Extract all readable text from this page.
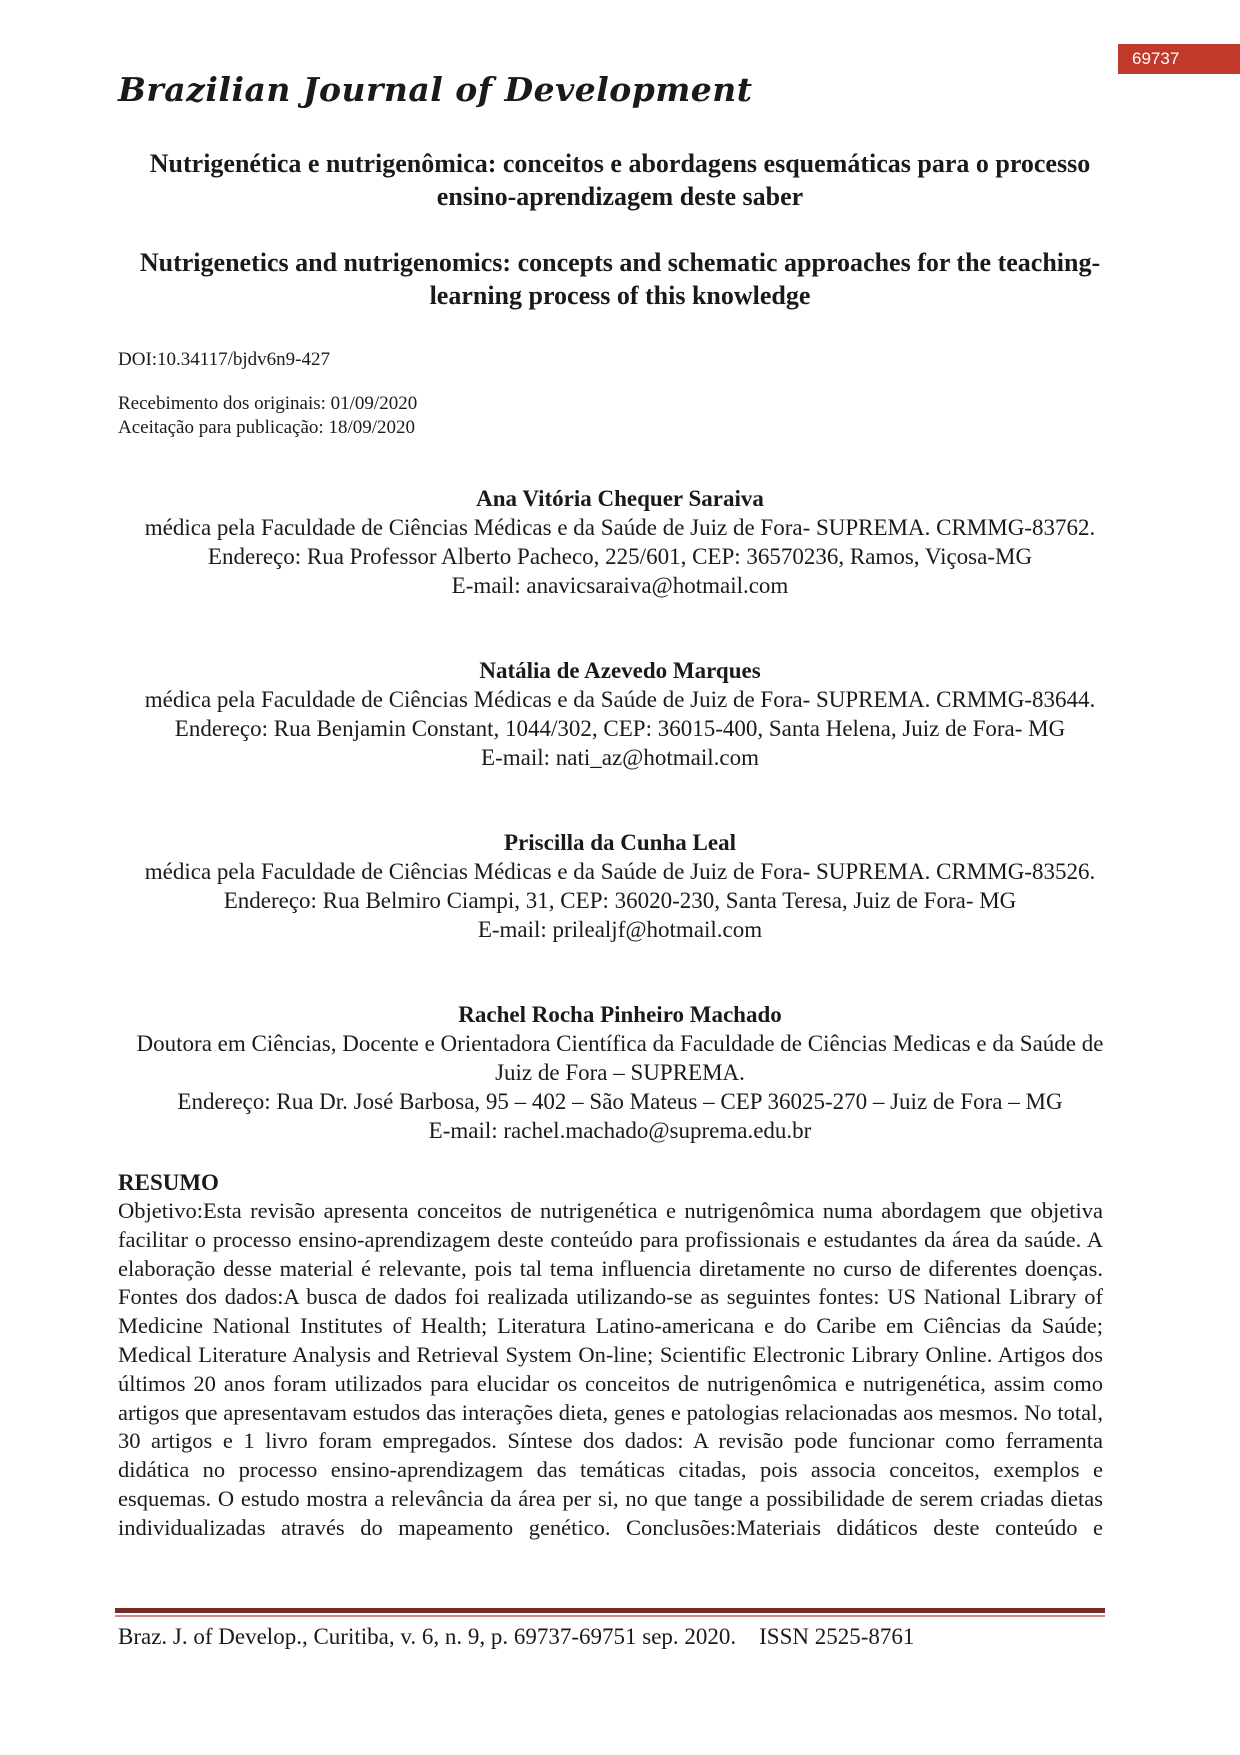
69737
Brazilian Journal of Development
Nutrigenética e nutrigenômica: conceitos e abordagens esquemáticas para o processo ensino-aprendizagem deste saber
Nutrigenetics and nutrigenomics: concepts and schematic approaches for the teaching-learning process of this knowledge
DOI:10.34117/bjdv6n9-427
Recebimento dos originais: 01/09/2020
Aceitação para publicação: 18/09/2020
Ana Vitória Chequer Saraiva
médica pela Faculdade de Ciências Médicas e da Saúde de Juiz de Fora- SUPREMA. CRMMG-83762.
Endereço: Rua Professor Alberto Pacheco, 225/601, CEP: 36570236, Ramos, Viçosa-MG
E-mail: anavicsaraiva@hotmail.com
Natália de Azevedo Marques
médica pela Faculdade de Ciências Médicas e da Saúde de Juiz de Fora- SUPREMA. CRMMG-83644.
Endereço: Rua Benjamin Constant, 1044/302, CEP: 36015-400, Santa Helena, Juiz de Fora- MG
E-mail: nati_az@hotmail.com
Priscilla da Cunha Leal
médica pela Faculdade de Ciências Médicas e da Saúde de Juiz de Fora- SUPREMA. CRMMG-83526.
Endereço: Rua Belmiro Ciampi, 31, CEP: 36020-230, Santa Teresa, Juiz de Fora- MG
E-mail: prilealjf@hotmail.com
Rachel Rocha Pinheiro Machado
Doutora em Ciências, Docente e Orientadora Científica da Faculdade de Ciências Medicas e da Saúde de Juiz de Fora – SUPREMA.
Endereço: Rua Dr. José Barbosa, 95 – 402 – São Mateus – CEP 36025-270 – Juiz de Fora – MG
E-mail: rachel.machado@suprema.edu.br
RESUMO

Objetivo:Esta revisão apresenta conceitos de nutrigenética e nutrigenômica numa abordagem que objetiva facilitar o processo ensino-aprendizagem deste conteúdo para profissionais e estudantes da área da saúde. A elaboração desse material é relevante, pois tal tema influencia diretamente no curso de diferentes doenças. Fontes dos dados:A busca de dados foi realizada utilizando-se as seguintes fontes: US National Library of Medicine National Institutes of Health; Literatura Latino-americana e do Caribe em Ciências da Saúde; Medical Literature Analysis and Retrieval System On-line; Scientific Electronic Library Online. Artigos dos últimos 20 anos foram utilizados para elucidar os conceitos de nutrigenômica e nutrigenética, assim como artigos que apresentavam estudos das interações dieta, genes e patologias relacionadas aos mesmos. No total, 30 artigos e 1 livro foram empregados. Síntese dos dados: A revisão pode funcionar como ferramenta didática no processo ensino-aprendizagem das temáticas citadas, pois associa conceitos, exemplos e esquemas. O estudo mostra a relevância da área per si, no que tange a possibilidade de serem criadas dietas individualizadas através do mapeamento genético. Conclusões:Materiais didáticos deste conteúdo e

Braz. J. of Develop., Curitiba, v. 6, n. 9, p. 69737-69751 sep. 2020.    ISSN 2525-8761
